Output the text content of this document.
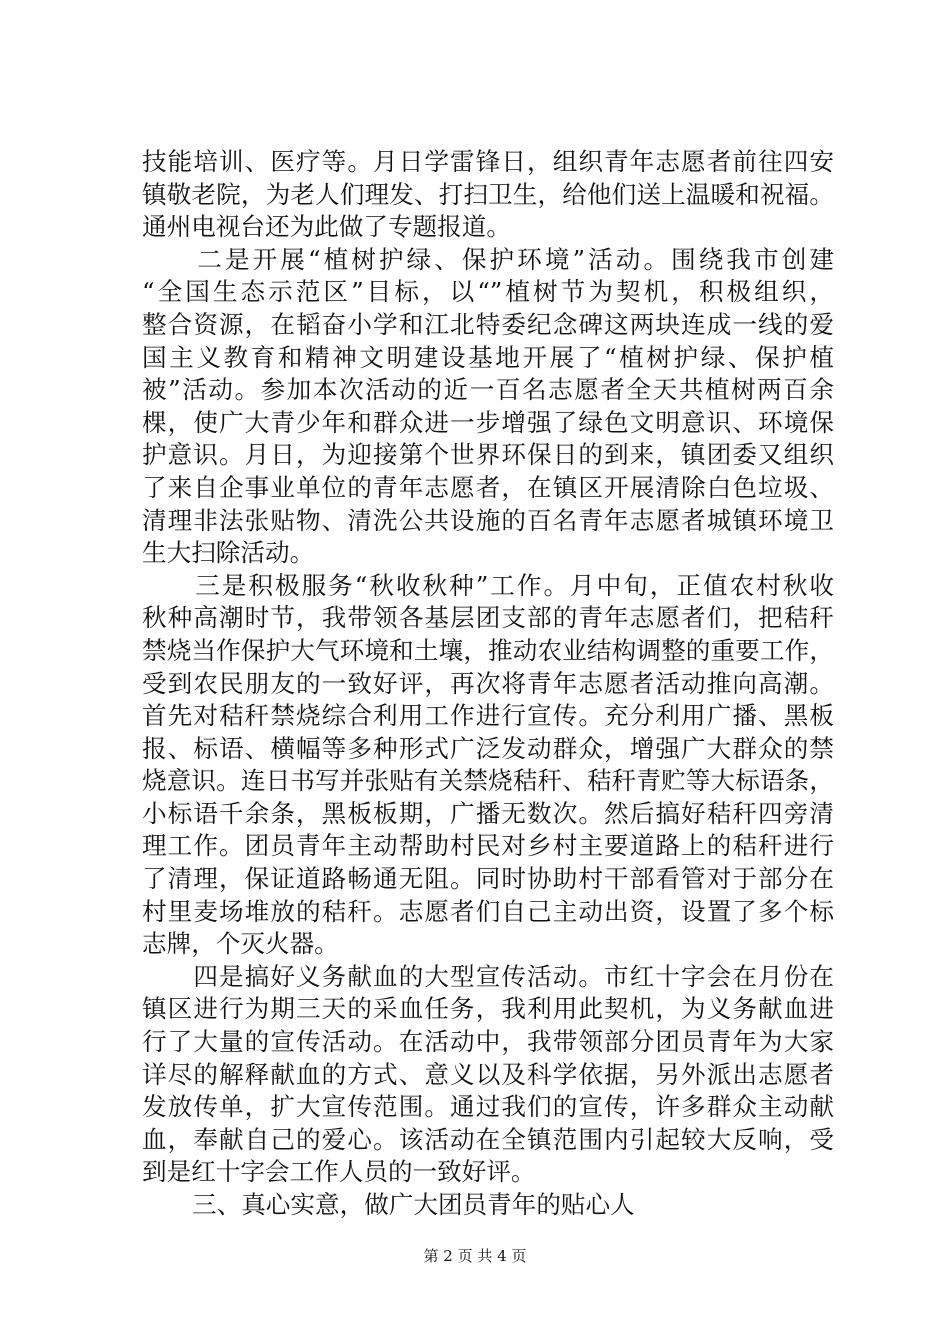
技能培训、医疗等。月日学雷锋日，组织青年志愿者前往四安
镇敬老院，为老人们理发、打扫卫生，给他们送上温暖和祝福。
通州电视台还为此做了专题报道。
　　二是开展“植树护绿、保护环境”活动。围绕我市创建
“全国生态示范区”目标，以“”植树节为契机，积极组织，
整合资源，在韬奋小学和江北特委纪念碑这两块连成一线的爱
国主义教育和精神文明建设基地开展了“植树护绿、保护植
被”活动。参加本次活动的近一百名志愿者全天共植树两百余
棵，使广大青少年和群众进一步增强了绿色文明意识、环境保
护意识。月日，为迎接第个世界环保日的到来，镇团委又组织
了来自企事业单位的青年志愿者，在镇区开展清除白色垃圾、
清理非法张贴物、清洗公共设施的百名青年志愿者城镇环境卫
生大扫除活动。
　　三是积极服务“秋收秋种”工作。月中旬，正值农村秋收
秋种高潮时节，我带领各基层团支部的青年志愿者们，把秸秆
禁烧当作保护大气环境和土壤，推动农业结构调整的重要工作，
受到农民朋友的一致好评，再次将青年志愿者活动推向高潮。
首先对秸秆禁烧综合利用工作进行宣传。充分利用广播、黑板
报、标语、横幅等多种形式广泛发动群众，增强广大群众的禁
烧意识。连日书写并张贴有关禁烧秸秆、秸秆青贮等大标语条，
小标语千余条，黑板板期，广播无数次。然后搞好秸秆四旁清
理工作。团员青年主动帮助村民对乡村主要道路上的秸秆进行
了清理，保证道路畅通无阻。同时协助村干部看管对于部分在
村里麦场堆放的秸秆。志愿者们自己主动出资，设置了多个标
志牌，个灭火器。
　　四是搞好义务献血的大型宣传活动。市红十字会在月份在
镇区进行为期三天的采血任务，我利用此契机，为义务献血进
行了大量的宣传活动。在活动中，我带领部分团员青年为大家
详尽的解释献血的方式、意义以及科学依据，另外派出志愿者
发放传单，扩大宣传范围。通过我们的宣传，许多群众主动献
血，奉献自己的爱心。该活动在全镇范围内引起较大反响，受
到是红十字会工作人员的一致好评。
三、真心实意，做广大团员青年的贴心人
第 2 页 共 4 页
